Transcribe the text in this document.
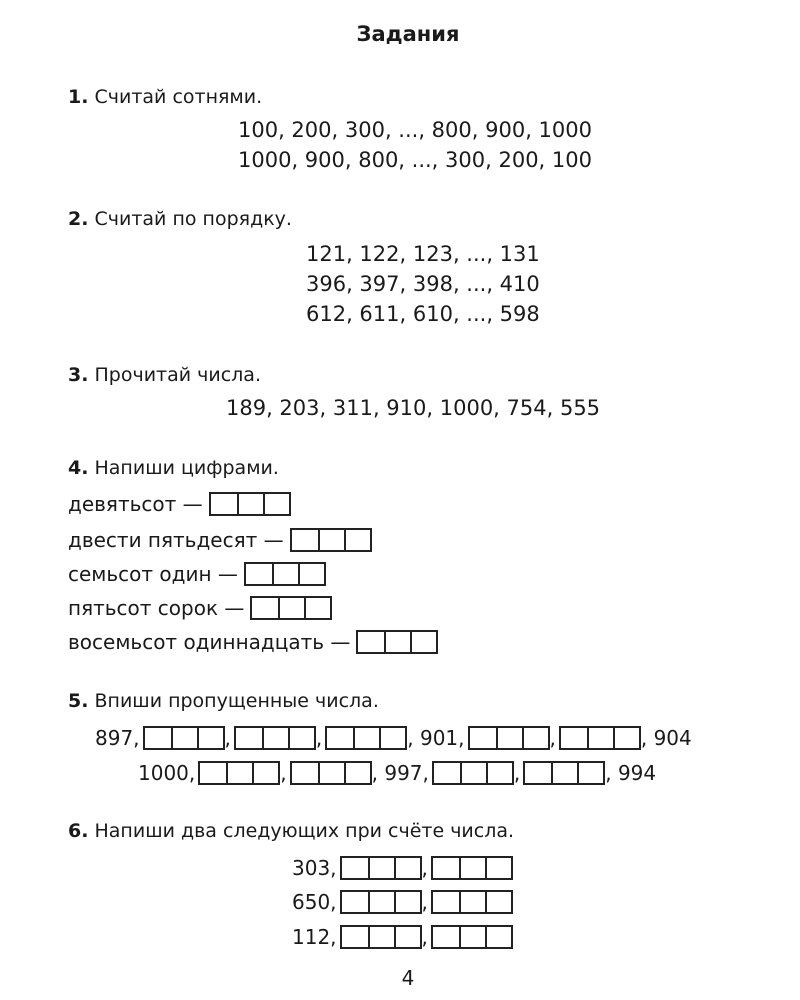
Задания
1. Считай сотнями.
100, 200, 300, ..., 800, 900, 1000
1000, 900, 800, ..., 300, 200, 100
2. Считай по порядку.
121, 122, 123, ..., 131
396, 397, 398, ..., 410
612, 611, 610, ..., 598
3. Прочитай числа.
189, 203, 311, 910, 1000, 754, 555
4. Напиши цифрами.
девятьсот
—
двести пятьдесят
—
семьсот один
—
пятьсот сорок
—
восемьсот одиннадцать
—
5. Впиши пропущенные числа.
897,	,	,	, 901,	,	, 904
1000,	,	, 997,	,	, 994
6. Напиши два следующих при счёте числа.
303,	,
650,	,
112,	,
4
